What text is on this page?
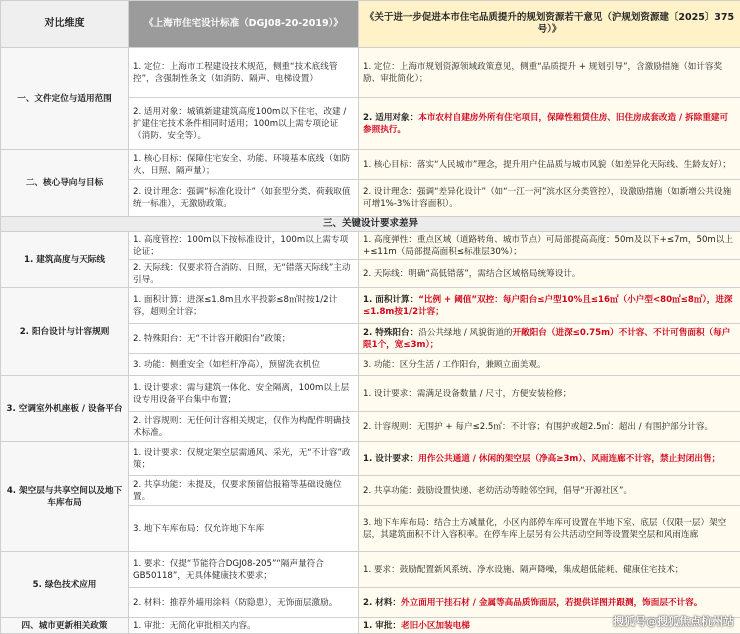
对比维度	《上海市住宅设计标准（DGJ08-20-2019）》	《关于进一步促进本市住宅品质提升的规划资源若干意见（沪规划资源建〔2025〕375号）》
一、文件定位与适用范围	1. 定位：上海市工程建设技术规范，侧重“技术底线管控”，含强制性条文（如消防、隔声、电梯设置）	1. 定位：上海市规划资源领域政策意见，侧重“品质提升 + 规划引导”，含激励措施（如计容奖励、审批简化）；
	2. 适用对象：城镇新建建筑高度100m以下住宅，改建 / 扩建住宅技术条件相同时适用；100m以上需专项论证（消防、安全等）。	2. 适用对象：本市农村自建房外所有住宅项目，保障性租赁住房、旧住房成套改造 / 拆除重建可参照执行。
二、核心导向与目标	1. 核心目标：保障住宅安全、功能、环境基本底线（如防火、日照、隔声量）；	1. 核心目标：落实“人民城市”理念，提升用户住品质与城市风貌（如差异化天际线、生龄友好）；
	2. 设计理念：强调“标准化设计”（如套型分类、荷载取值统一标准），无激励政策。	2. 设计理念：强调“差异化设计”（如“一江一河”滨水区分类管控），设激励措施（如新增公共设施可增1%-3%计容面积）。
三、关键设计要求差异		
1. 建筑高度与天际线	1. 高度管控：100m以下按标准设计，100m以上需专项论证；	1. 高度弹性：重点区域（道路转角、城市节点）可局部提高高度：50m及以下+≤7m，50m以上+≤11m（局部提高面积≤标准层30%）；
	2. 天际线：仅要求符合消防、日照，无“错落天际线”主动引导。	2. 天际线：明确“高低错落”，需结合区域格局统筹设计。
2. 阳台设计与计容规则	1. 面积计算：进深≤1.8m且水平投影≤8㎡时按1/2计容，超则全计容；	1. 面积计算：“比例 + 阈值”双控：每户阳台≤户型10%且≤16㎡（小户型<80㎡≤8㎡），进深≤1.8m按1/2计容；
	2. 特殊阳台：无“不计容开敞阳台”政策；	2. 特殊阳台：沿公共绿地 / 风貌街道的开敞阳台（进深≤0.75m）不计容、不计可售面积（每户限1个，宽≤3m）；
	3. 功能：侧重安全（如栏杆净高），预留洗衣机位	3. 功能：区分生活 / 工作阳台，兼顾立面美观。
3. 空调室外机座板 / 设备平台	1. 设计要求：需与建筑一体化、安全隔离，100m以上层设专用设备平台集中布置；	1. 设计要求：需满足设备数量 / 尺寸，方便安装检修；
	2. 计容规则：无任何计容相关规定，仅作为构配件明确技术标准。	2. 计容规则：无围护 + 每户≤2.5㎡：不计容；有围护或超2.5㎡：超出 / 有围护部分计容。
4. 架空层与共享空间以及地下车库布局	1. 设计要求：仅规定架空层需通风、采光，无“不计容”政策；	1. 设计要求：用作公共通道 / 休闲的架空层（净高≥3m）、风雨连廊不计容，禁止封闭出售；
	2. 共享功能：未提及，仅要求预留信报箱等基础设施位置。	2. 共享功能：鼓励设置快递、老幼活动等睦邻空间，倡导“开源社区”。
	3. 地下车库布局：仅允许地下车库	3. 地下车库布局：结合土方减量化，小区内部停车库可设置在半地下室、底层（仅限一层）架空层，其建筑面积不计入容积率。在停车库上层另有公共活动空间等设置架空层和风雨连廊
5. 绿色技术应用	1. 要求：仅提“节能符合DGJ08-205”“隔声量符合GB50118”，无具体健康技术要求；	1. 要求：鼓励配置新风系统、净水设施、隔声降噪，集成超低能耗、健康住宅技术；
	2. 材料：推荐外墙用涂料（防隐患），无饰面层激励。	2. 材料：外立面用干挂石材 / 金属等高品质饰面层，若提供详图并跟测，饰面层不计容。
四、城市更新相关政策	1. 审批：无简化审批相关内容。	1. 审批：老旧小区加装电梯	搜狐号@搜狐焦点杭州站
